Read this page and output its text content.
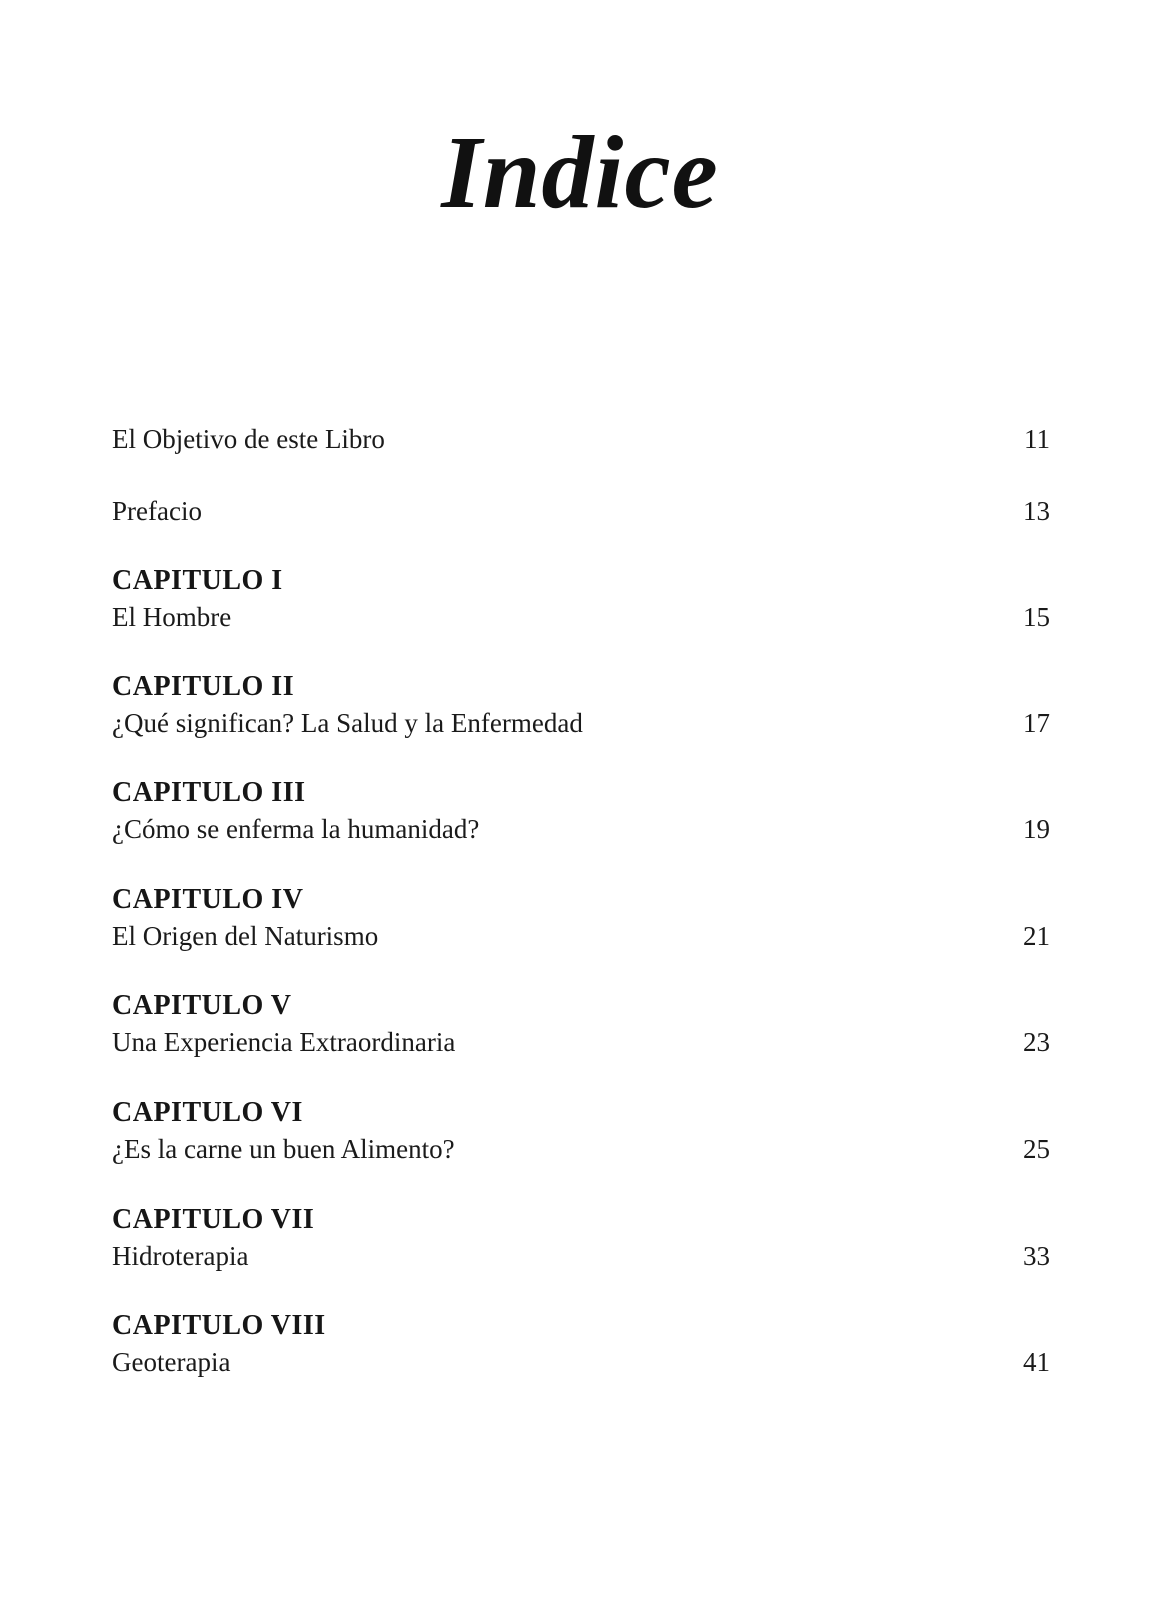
Indice
El Objetivo de este Libro	11
Prefacio	13
CAPITULO I
El Hombre	15
CAPITULO II
¿Qué significan? La Salud y la Enfermedad	17
CAPITULO III
¿Cómo se enferma la humanidad?	19
CAPITULO IV
El Origen del Naturismo	21
CAPITULO V
Una Experiencia Extraordinaria	23
CAPITULO VI
¿Es la carne un buen Alimento?	25
CAPITULO VII
Hidroterapia	33
CAPITULO VIII
Geoterapia	41
